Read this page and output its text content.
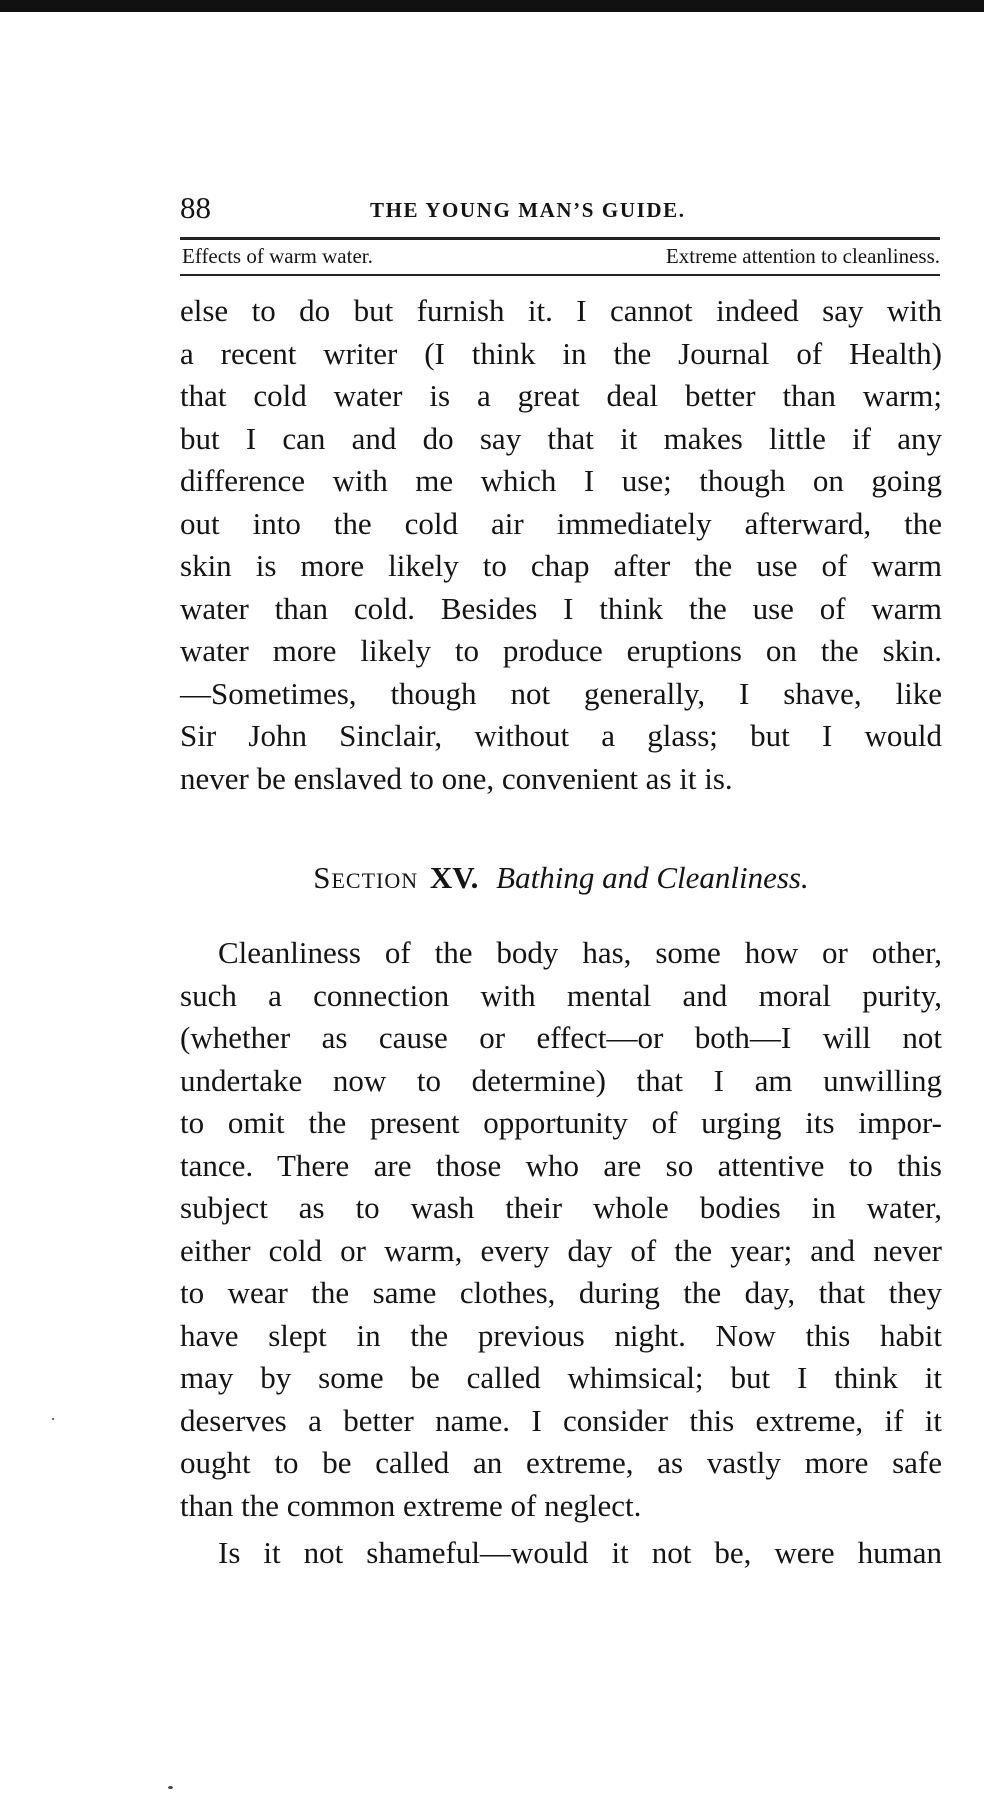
88	THE YOUNG MAN’S GUIDE.
Effects of warm water.	Extreme attention to cleanliness.
else to do but furnish it. I cannot indeed say with
a recent writer (I think in the Journal of Health)
that cold water is a great deal better than warm;
but I can and do say that it makes little if any
difference with me which I use; though on going
out into the cold air immediately afterward, the
skin is more likely to chap after the use of warm
water than cold. Besides I think the use of warm
water more likely to produce eruptions on the skin.
—Sometimes, though not generally, I shave, like
Sir John Sinclair, without a glass; but I would
never be enslaved to one, convenient as it is.
Section XV. Bathing and Cleanliness.
Cleanliness of the body has, some how or other,
such a connection with mental and moral purity,
(whether as cause or effect—or both—I will not
undertake now to determine) that I am unwilling
to omit the present opportunity of urging its impor-
tance. There are those who are so attentive to this
subject as to wash their whole bodies in water,
either cold or warm, every day of the year; and never
to wear the same clothes, during the day, that they
have slept in the previous night. Now this habit
may by some be called whimsical; but I think it
deserves a better name. I consider this extreme, if it
ought to be called an extreme, as vastly more safe
than the common extreme of neglect.
Is it not shameful—would it not be, were human
